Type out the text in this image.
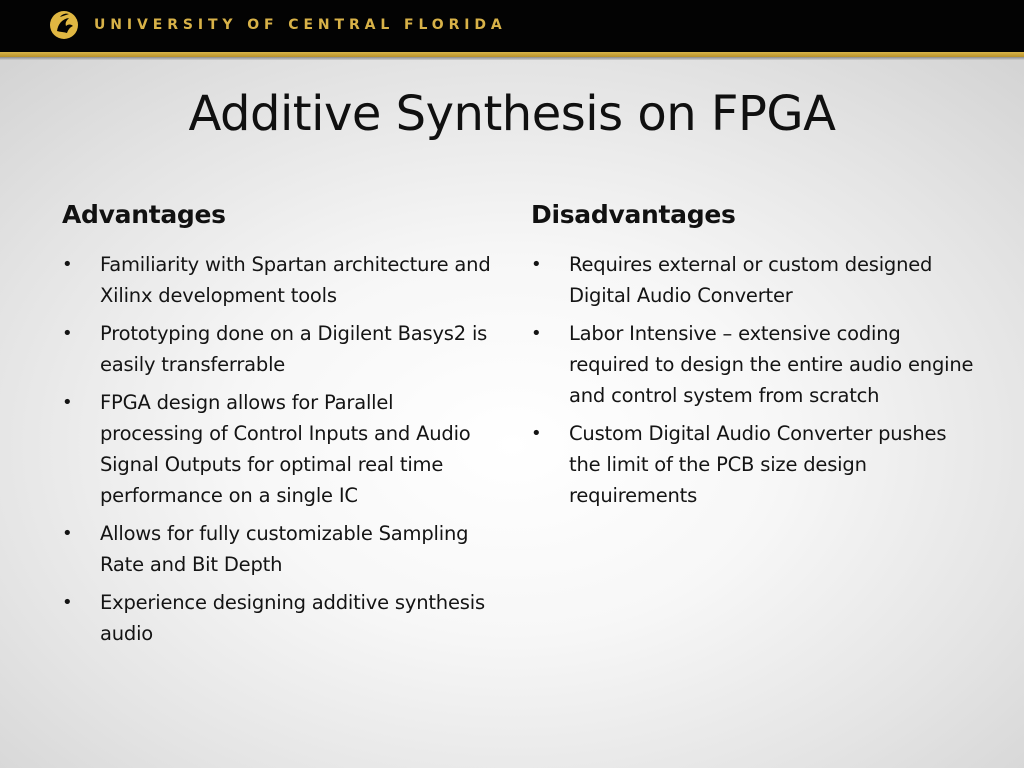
UNIVERSITY OF CENTRAL FLORIDA
Additive Synthesis on FPGA
Advantages
• Familiarity with Spartan architecture and Xilinx development tools
• Prototyping done on a Digilent Basys2 is easily transferrable
• FPGA design allows for Parallel processing of Control Inputs and Audio Signal Outputs for optimal real time performance on a single IC
• Allows for fully customizable Sampling Rate and Bit Depth
• Experience designing additive synthesis audio
Disadvantages
• Requires external or custom designed Digital Audio Converter
• Labor Intensive – extensive coding required to design the entire audio engine and control system from scratch
• Custom Digital Audio Converter pushes the limit of the PCB size design requirements
